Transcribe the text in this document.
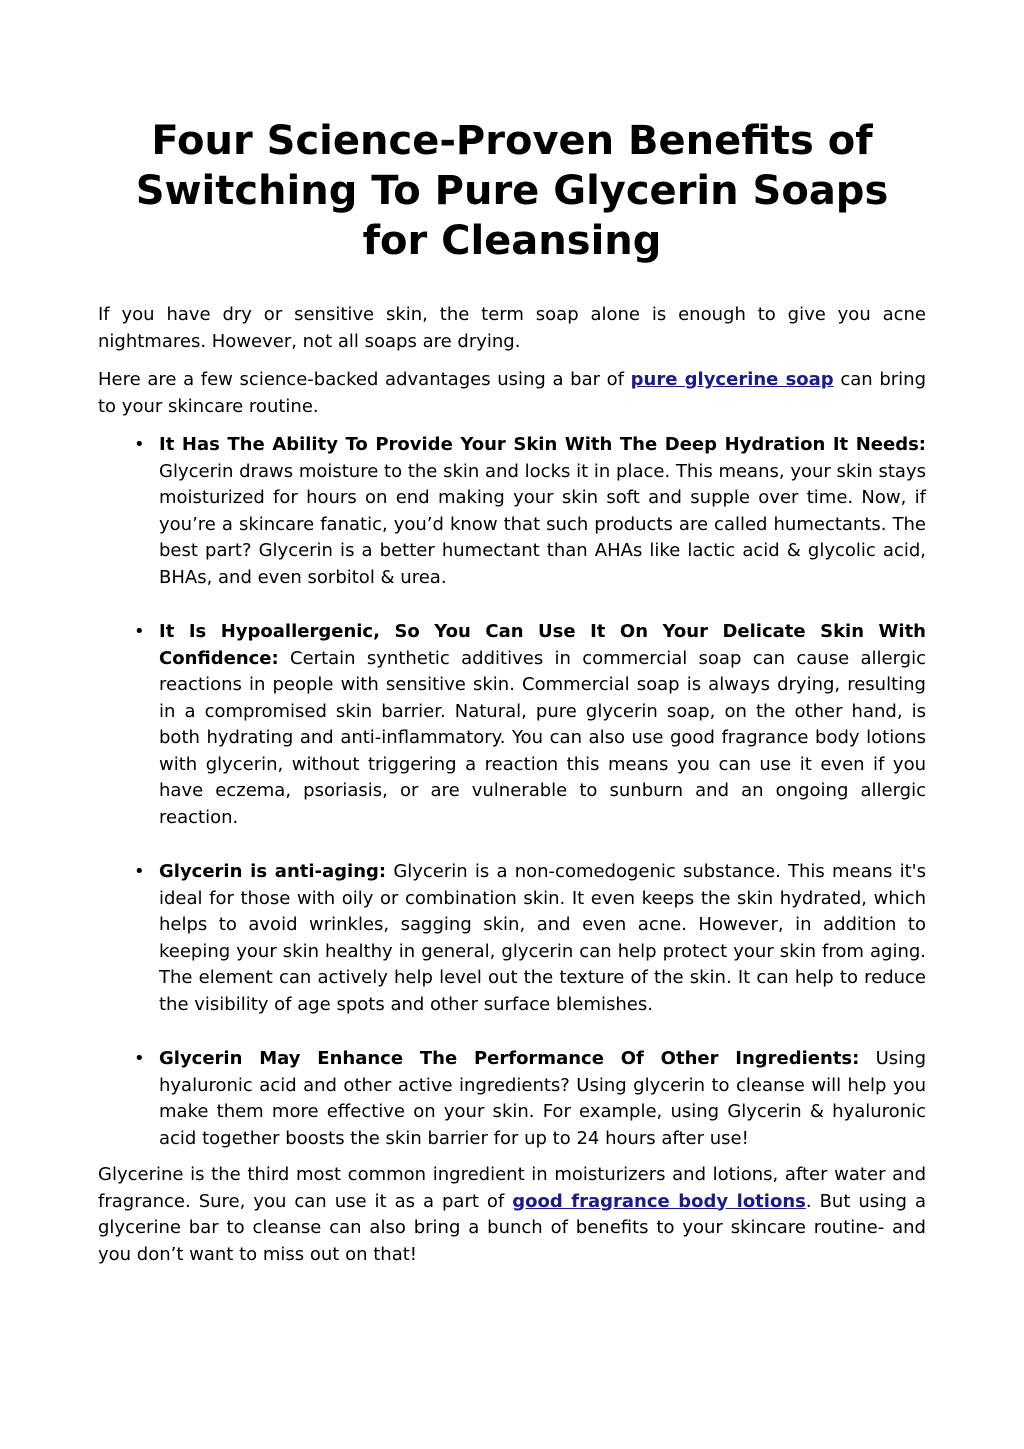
Four Science-Proven Benefits of Switching To Pure Glycerin Soaps for Cleansing

If you have dry or sensitive skin, the term soap alone is enough to give you acne nightmares. However, not all soaps are drying.

Here are a few science-backed advantages using a bar of pure glycerine soap can bring to your skincare routine.

• It Has The Ability To Provide Your Skin With The Deep Hydration It Needs: Glycerin draws moisture to the skin and locks it in place. This means, your skin stays moisturized for hours on end making your skin soft and supple over time. Now, if you’re a skincare fanatic, you’d know that such products are called humectants. The best part? Glycerin is a better humectant than AHAs like lactic acid & glycolic acid, BHAs, and even sorbitol & urea.
• It Is Hypoallergenic, So You Can Use It On Your Delicate Skin With Confidence: Certain synthetic additives in commercial soap can cause allergic reactions in people with sensitive skin. Commercial soap is always drying, resulting in a compromised skin barrier. Natural, pure glycerin soap, on the other hand, is both hydrating and anti-inflammatory. You can also use good fragrance body lotions with glycerin, without triggering a reaction this means you can use it even if you have eczema, psoriasis, or are vulnerable to sunburn and an ongoing allergic reaction.
• Glycerin is anti-aging: Glycerin is a non-comedogenic substance. This means it's ideal for those with oily or combination skin. It even keeps the skin hydrated, which helps to avoid wrinkles, sagging skin, and even acne. However, in addition to keeping your skin healthy in general, glycerin can help protect your skin from aging. The element can actively help level out the texture of the skin. It can help to reduce the visibility of age spots and other surface blemishes.
• Glycerin May Enhance The Performance Of Other Ingredients: Using hyaluronic acid and other active ingredients? Using glycerin to cleanse will help you make them more effective on your skin. For example, using Glycerin & hyaluronic acid together boosts the skin barrier for up to 24 hours after use!

Glycerine is the third most common ingredient in moisturizers and lotions, after water and fragrance. Sure, you can use it as a part of good fragrance body lotions. But using a glycerine bar to cleanse can also bring a bunch of benefits to your skincare routine- and you don’t want to miss out on that!
